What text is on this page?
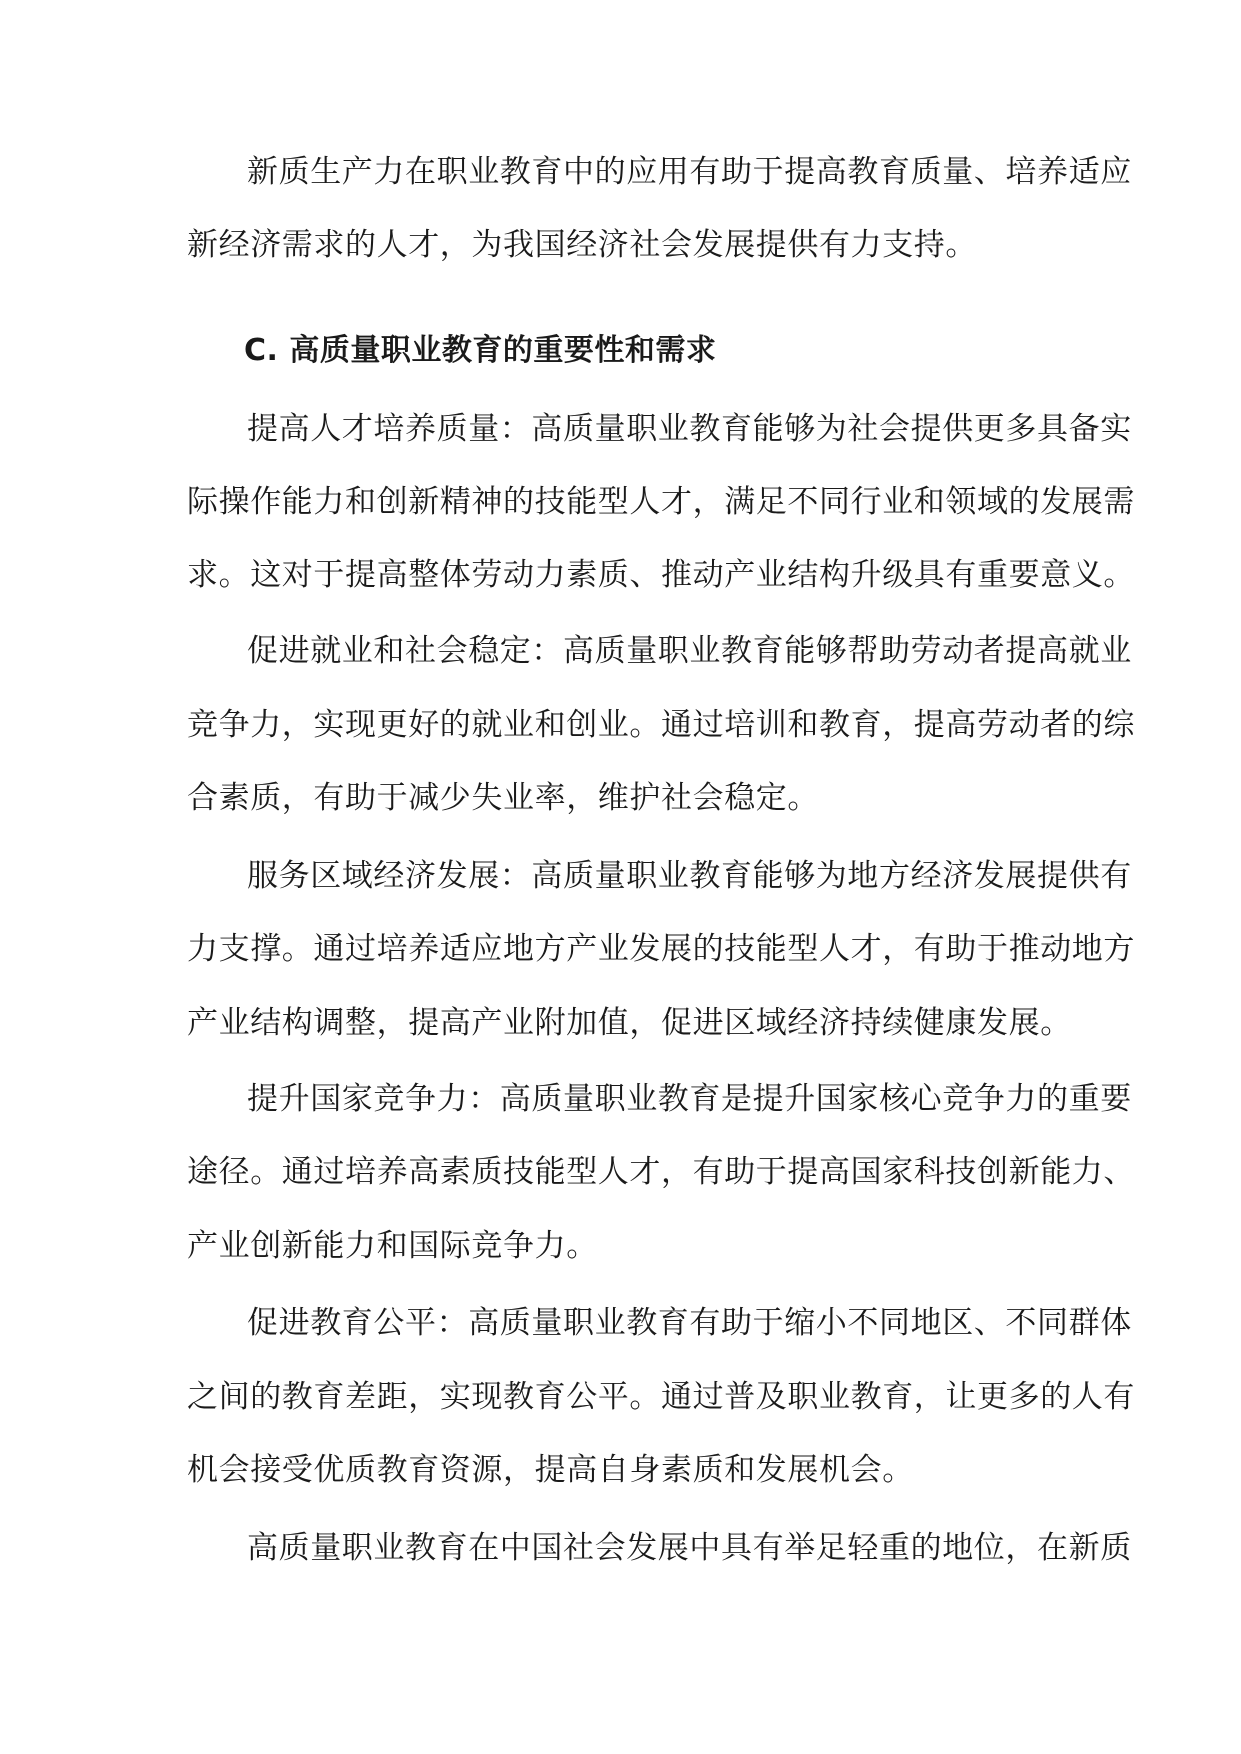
新质生产力在职业教育中的应用有助于提高教育质量、培养适应
新经济需求的人才，为我国经济社会发展提供有力支持。
C. 高质量职业教育的重要性和需求
提高人才培养质量：高质量职业教育能够为社会提供更多具备实
际操作能力和创新精神的技能型人才，满足不同行业和领域的发展需
求。这对于提高整体劳动力素质、推动产业结构升级具有重要意义。
促进就业和社会稳定：高质量职业教育能够帮助劳动者提高就业
竞争力，实现更好的就业和创业。通过培训和教育，提高劳动者的综
合素质，有助于减少失业率，维护社会稳定。
服务区域经济发展：高质量职业教育能够为地方经济发展提供有
力支撑。通过培养适应地方产业发展的技能型人才，有助于推动地方
产业结构调整，提高产业附加值，促进区域经济持续健康发展。
提升国家竞争力：高质量职业教育是提升国家核心竞争力的重要
途径。通过培养高素质技能型人才，有助于提高国家科技创新能力、
产业创新能力和国际竞争力。
促进教育公平：高质量职业教育有助于缩小不同地区、不同群体
之间的教育差距，实现教育公平。通过普及职业教育，让更多的人有
机会接受优质教育资源，提高自身素质和发展机会。
高质量职业教育在中国社会发展中具有举足轻重的地位，在新质
